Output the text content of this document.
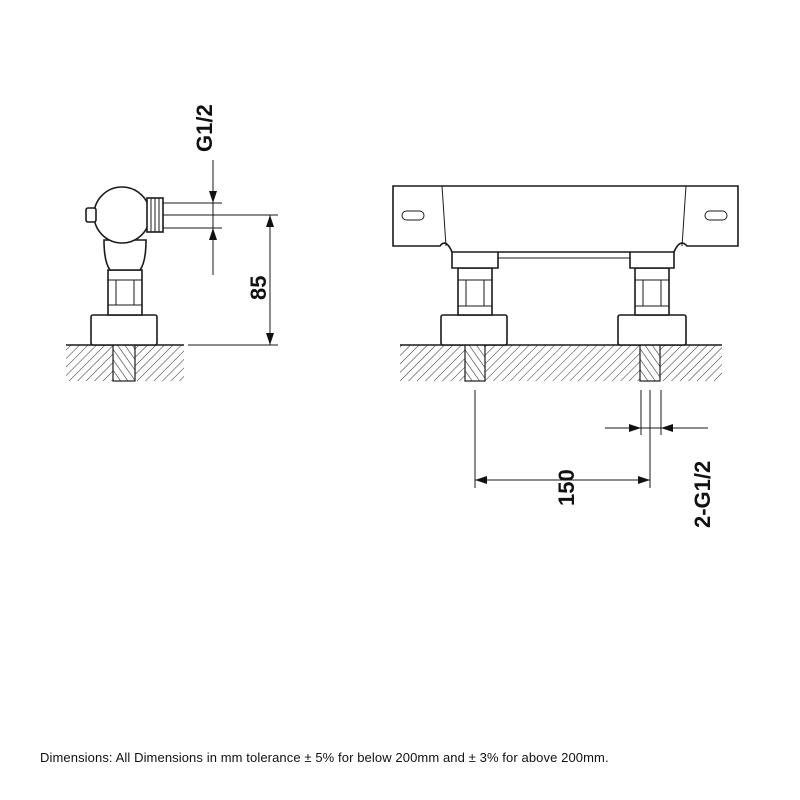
G1/2
85
150	2-G1/2
Dimensions: All Dimensions in mm tolerance ± 5% for below 200mm and ± 3% for above 200mm.
